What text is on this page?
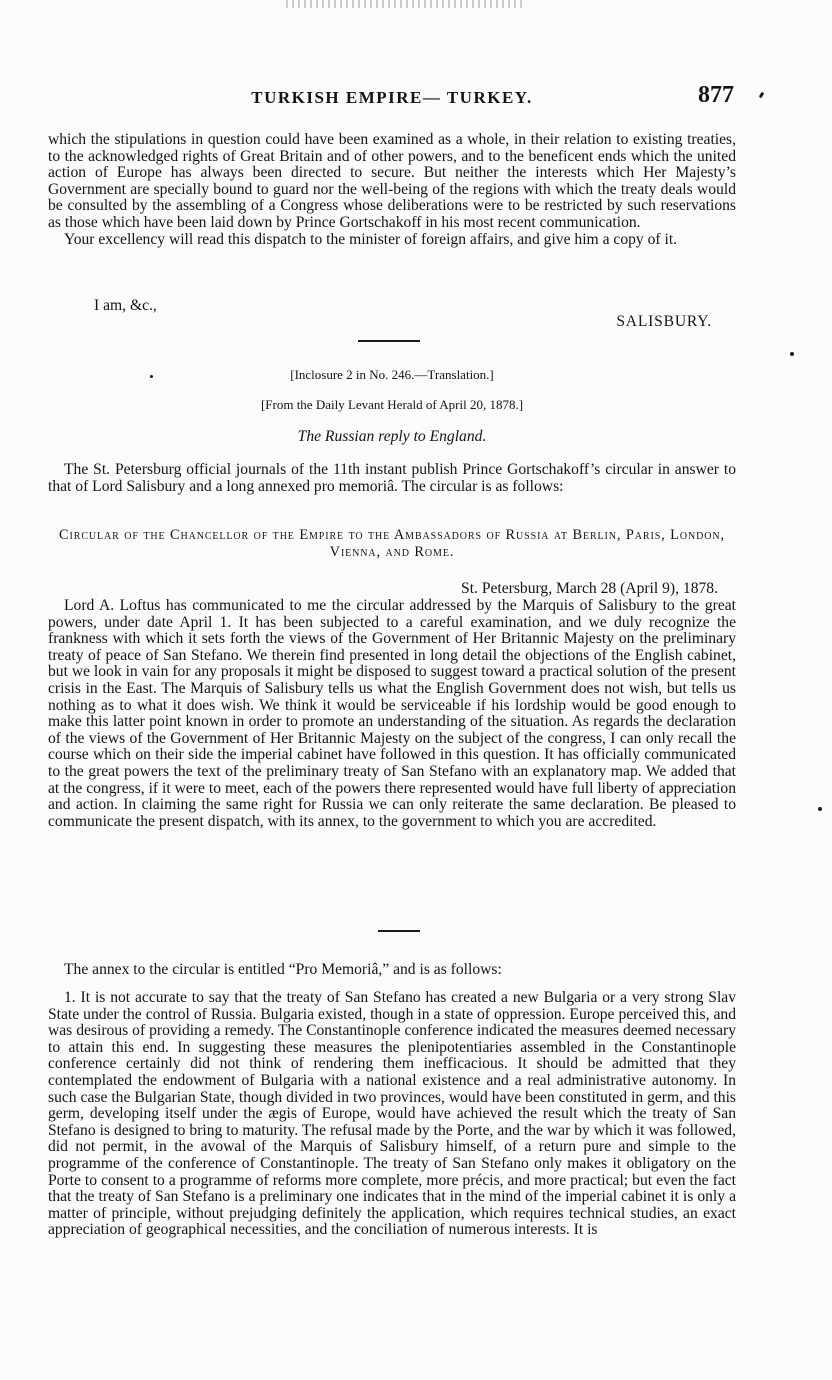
TURKISH EMPIRE— TURKEY.	877

which the stipulations in question could have been examined as a whole, in their relation to existing treaties, to the acknowledged rights of Great Britain and of other powers, and to the beneficent ends which the united action of Europe has always been directed to secure. But neither the interests which Her Majesty’s Government are specially bound to guard nor the well-being of the regions with which the treaty deals would be consulted by the assembling of a Congress whose deliberations were to be restricted by such reservations as those which have been laid down by Prince Gortschakoff in his most recent communication.

Your excellency will read this dispatch to the minister of foreign affairs, and give him a copy of it.

I am, &c.,
SALISBURY.
[Inclosure 2 in No. 246.—Translation.]
[From the Daily Levant Herald of April 20, 1878.]
The Russian reply to England.

The St. Petersburg official journals of the 11th instant publish Prince Gortschakoff’s circular in answer to that of Lord Salisbury and a long annexed pro memoriâ. The circular is as follows:

Circular of the Chancellor of the Empire to the Ambassadors of Russia at Berlin, Paris, London, Vienna, and Rome.
St. Petersburg, March 28 (April 9), 1878.

Lord A. Loftus has communicated to me the circular addressed by the Marquis of Salisbury to the great powers, under date April 1. It has been subjected to a careful examination, and we duly recognize the frankness with which it sets forth the views of the Government of Her Britannic Majesty on the preliminary treaty of peace of San Stefano. We therein find presented in long detail the objections of the English cabinet, but we look in vain for any proposals it might be disposed to suggest toward a practical solution of the present crisis in the East. The Marquis of Salisbury tells us what the English Government does not wish, but tells us nothing as to what it does wish. We think it would be serviceable if his lordship would be good enough to make this latter point known in order to promote an understanding of the situation. As regards the declaration of the views of the Government of Her Britannic Majesty on the subject of the congress, I can only recall the course which on their side the imperial cabinet have followed in this question. It has officially communicated to the great powers the text of the preliminary treaty of San Stefano with an explanatory map. We added that at the congress, if it were to meet, each of the powers there represented would have full liberty of appreciation and action. In claiming the same right for Russia we can only reiterate the same declaration. Be pleased to communicate the present dispatch, with its annex, to the government to which you are accredited.

The annex to the circular is entitled “Pro Memoriâ,” and is as follows:

1. It is not accurate to say that the treaty of San Stefano has created a new Bulgaria or a very strong Slav State under the control of Russia. Bulgaria existed, though in a state of oppression. Europe perceived this, and was desirous of providing a remedy. The Constantinople conference indicated the measures deemed necessary to attain this end. In suggesting these measures the plenipotentiaries assembled in the Constantinople conference certainly did not think of rendering them inefficacious. It should be admitted that they contemplated the endowment of Bulgaria with a national existence and a real administrative autonomy. In such case the Bulgarian State, though divided in two provinces, would have been constituted in germ, and this germ, developing itself under the ægis of Europe, would have achieved the result which the treaty of San Stefano is designed to bring to maturity. The refusal made by the Porte, and the war by which it was followed, did not permit, in the avowal of the Marquis of Salisbury himself, of a return pure and simple to the programme of the conference of Constantinople. The treaty of San Stefano only makes it obligatory on the Porte to consent to a programme of reforms more complete, more précis, and more practical; but even the fact that the treaty of San Stefano is a preliminary one indicates that in the mind of the imperial cabinet it is only a matter of principle, without prejudging definitely the application, which requires technical studies, an exact appreciation of geographical necessities, and the conciliation of numerous interests. It is
